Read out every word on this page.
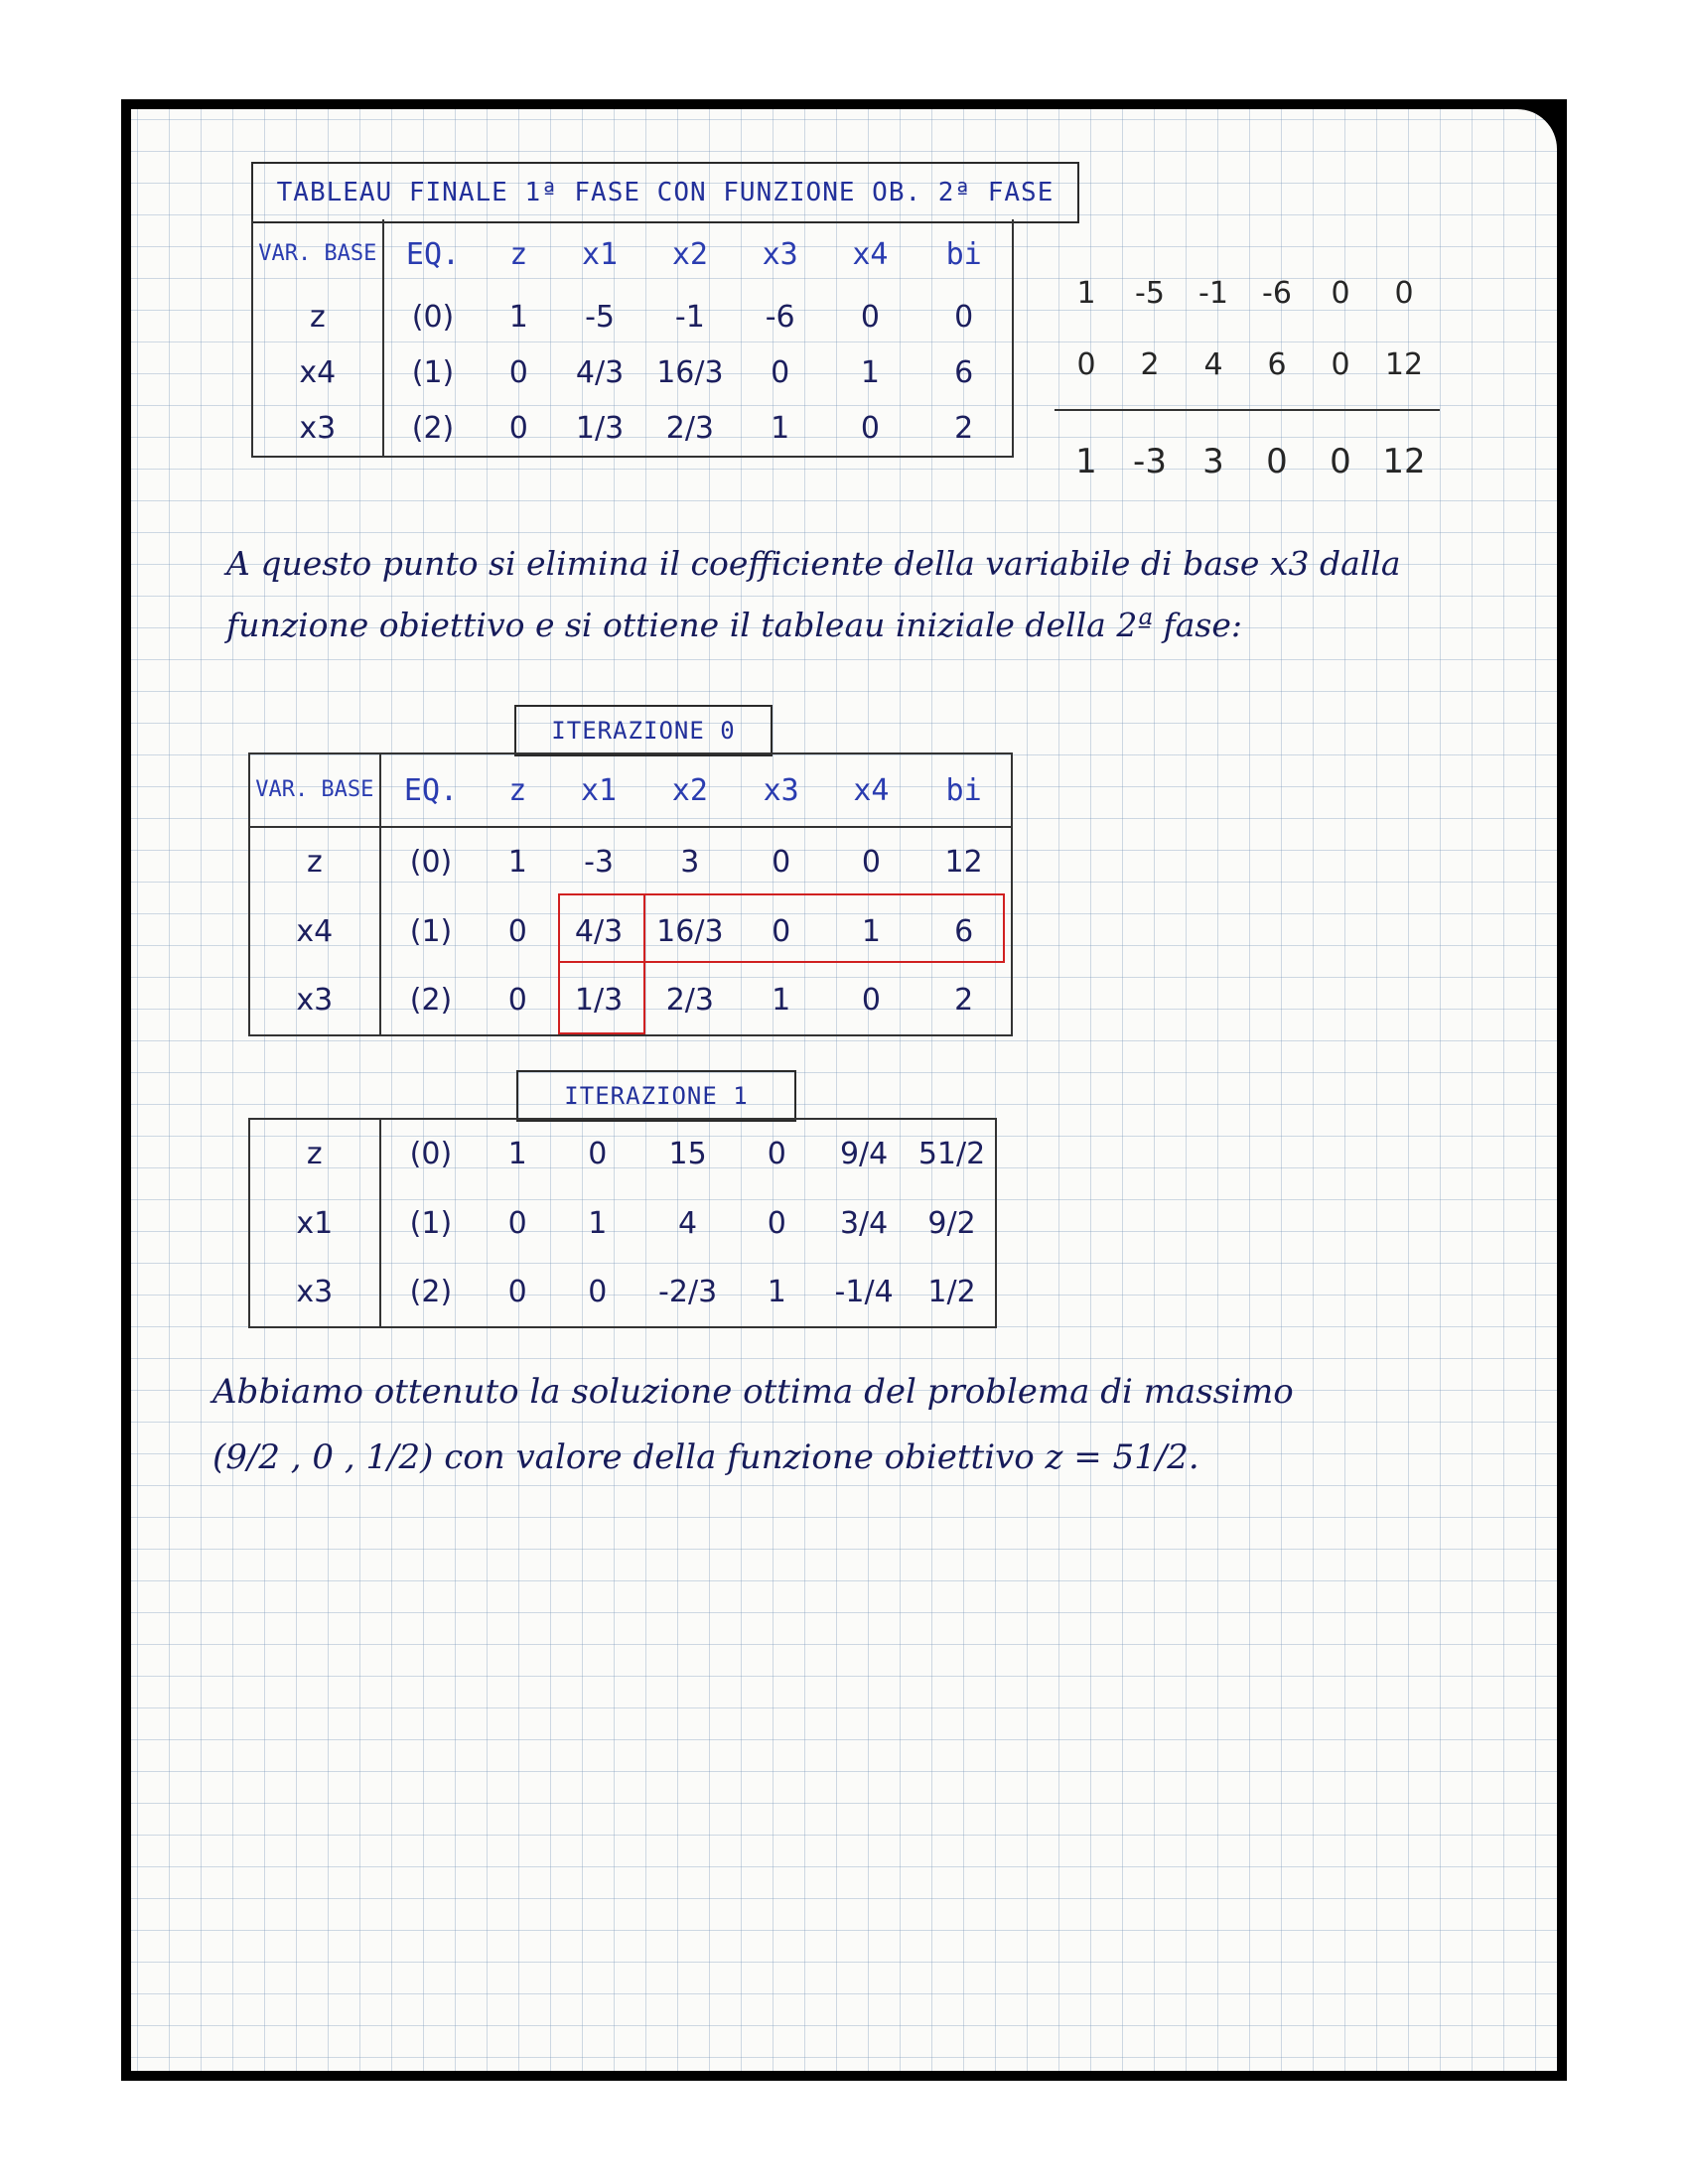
TABLEAU FINALE 1ª FASE CON FUNZIONE OB. 2ª FASE
VAR. BASE	EQ.	z	x1	x2	x3	x4	bi
z	(0)	1	-5	-1	-6	0	0
x4	(1)	0	4/3	16/3	0	1	6
x3	(2)	0	1/3	2/3	1	0	2
1 -5 -1 -6 0 0
0 2 4 6 0 12
1 -3 3 0 0 12
A questo punto si elimina il coefficiente della variabile di base x3 dalla
funzione obiettivo e si ottiene il tableau iniziale della 2ª fase:
ITERAZIONE 0
VAR. BASE	EQ.	z	x1	x2	x3	x4	bi
z	(0)	1	-3	3	0	0	12
x4	(1)	0	4/3	16/3	0	1	6
x3	(2)	0	1/3	2/3	1	0	2
ITERAZIONE 1
z	(0)	1	0	15	0	9/4	51/2
x1	(1)	0	1	4	0	3/4	9/2
x3	(2)	0	0	-2/3	1	-1/4	1/2
Abbiamo ottenuto la soluzione ottima del problema di massimo
(9/2 , 0 , 1/2) con valore della funzione obiettivo z = 51/2.
